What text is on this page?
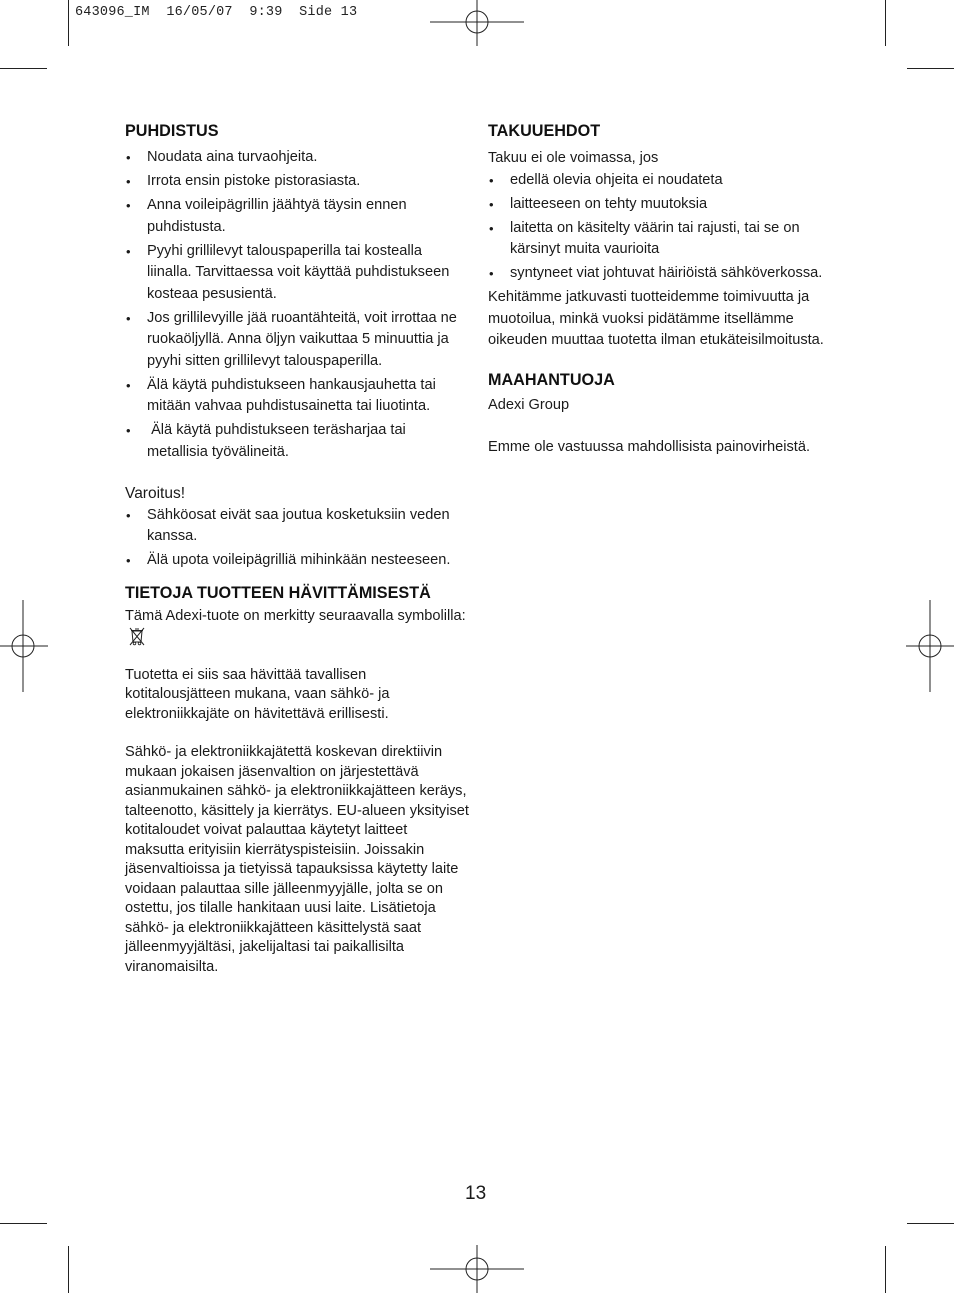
643096_IM  16/05/07  9:39  Side 13
PUHDISTUS
• Noudata aina turvaohjeita.
• Irrota ensin pistoke pistorasiasta.
• Anna voileipägrillin jäähtyä täysin ennen puhdistusta.
• Pyyhi grillilevyt talouspaperilla tai kostealla liinalla. Tarvittaessa voit käyttää puhdistukseen kosteaa pesusientä.
• Jos grillilevyille jää ruoantähteitä, voit irrottaa ne ruokaöljyllä. Anna öljyn vaikuttaa 5 minuuttia ja pyyhi sitten grillilevyt talouspaperilla.
• Älä käytä puhdistukseen hankausjauhetta tai mitään vahvaa puhdistusainetta tai liuotinta.
•  Älä käytä puhdistukseen teräsharjaa tai metallisia työvälineitä.

Varoitus!

• Sähköosat eivät saa joutua kosketuksiin veden kanssa.
• Älä upota voileipägrilliä mihinkään nesteeseen.
TIETOJA TUOTTEEN HÄVITTÄMISESTÄ

Tämä Adexi-tuote on merkitty seuraavalla symbolilla:

Tuotetta ei siis saa hävittää tavallisen kotitalousjätteen mukana, vaan sähkö- ja elektroniikkajäte on hävitettävä erillisesti.

Sähkö- ja elektroniikkajätettä koskevan direktiivin mukaan jokaisen jäsenvaltion on järjestettävä asianmukainen sähkö- ja elektroniikkajätteen keräys, talteenotto, käsittely ja kierrätys. EU-alueen yksityiset kotitaloudet voivat palauttaa käytetyt laitteet maksutta erityisiin kierrätyspisteisiin. Joissakin jäsenvaltioissa ja tietyissä tapauksissa käytetty laite voidaan palauttaa sille jälleenmyyjälle, jolta se on ostettu, jos tilalle hankitaan uusi laite. Lisätietoja sähkö- ja elektroniikkajätteen käsittelystä saat jälleenmyyjältäsi, jakelijaltasi tai paikallisilta viranomaisilta.

TAKUUEHDOT

Takuu ei ole voimassa, jos

• edellä olevia ohjeita ei noudateta
• laitteeseen on tehty muutoksia
• laitetta on käsitelty väärin tai rajusti, tai se on kärsinyt muita vaurioita
• syntyneet viat johtuvat häiriöistä sähköverkossa.

Kehitämme jatkuvasti tuotteidemme toimivuutta ja muotoilua, minkä vuoksi pidätämme itsellämme oikeuden muuttaa tuotetta ilman etukäteisilmoitusta.

MAAHANTUOJA

Adexi Group

Emme ole vastuussa mahdollisista painovirheistä.

13
